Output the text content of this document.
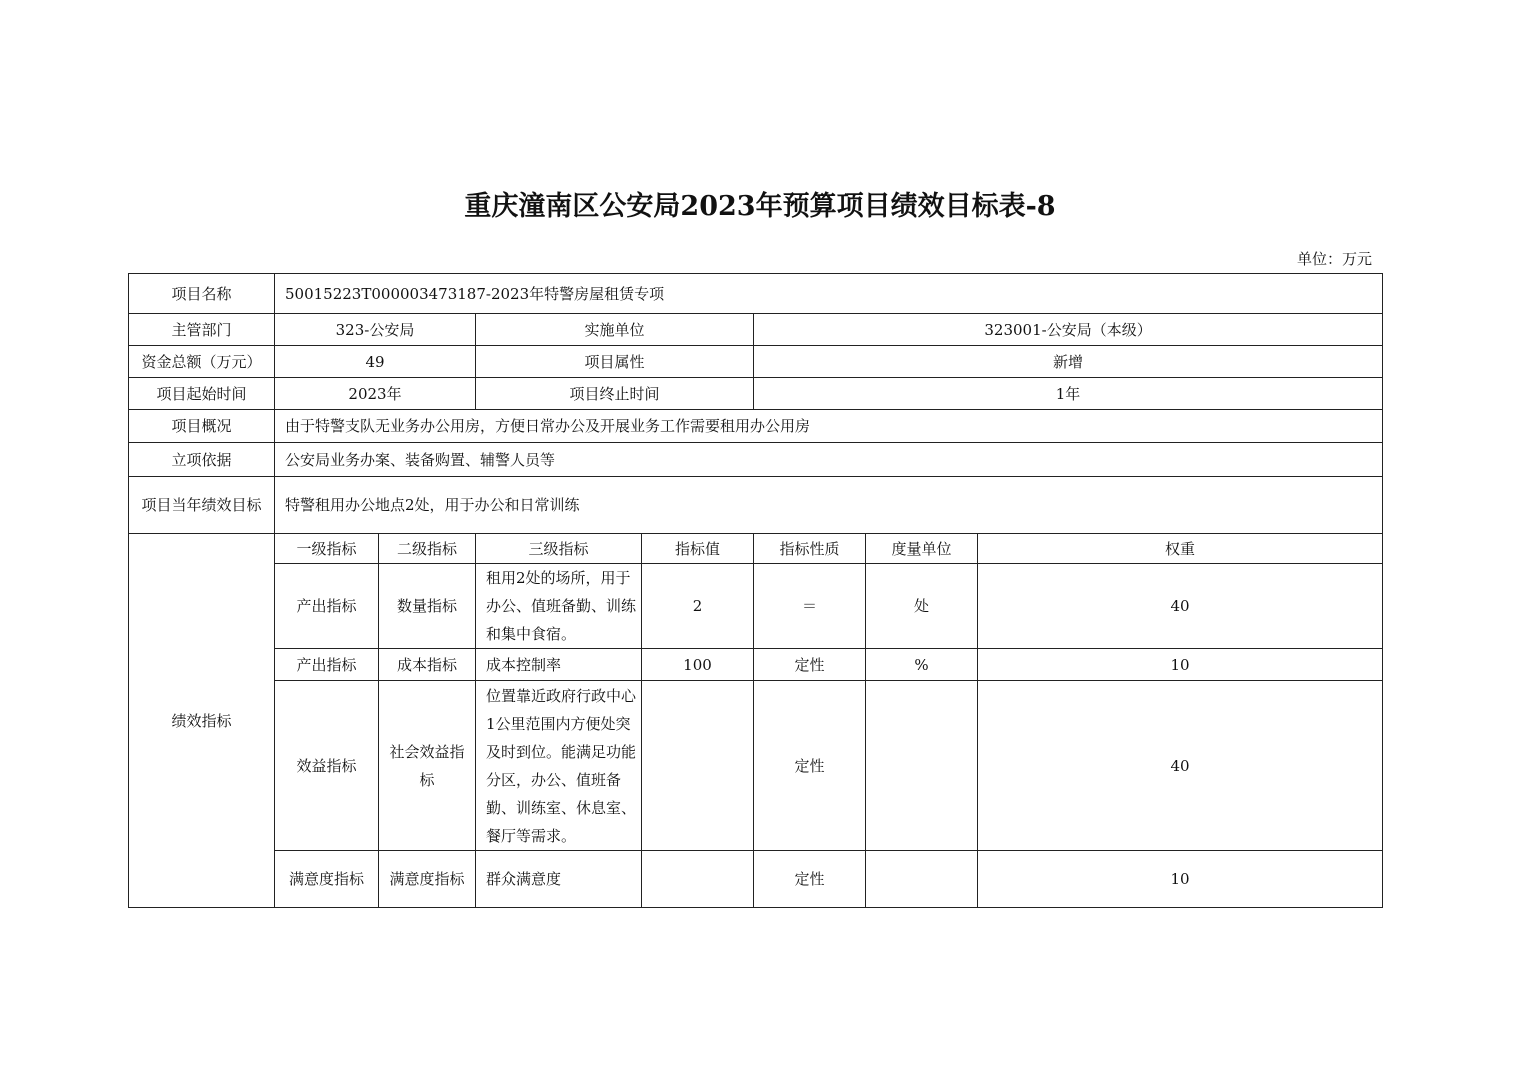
重庆潼南区公安局2023年预算项目绩效目标表-8
单位：万元
项目名称	50015223T000003473187-2023年特警房屋租赁专项						
主管部门	323-公安局		实施单位		323001-公安局（本级）		
资金总额（万元）	49		项目属性		新增		
项目起始时间	2023年		项目终止时间		1年		
项目概况	由于特警支队无业务办公用房，方便日常办公及开展业务工作需要租用办公用房						
立项依据	公安局业务办案、装备购置、辅警人员等						
项目当年绩效目标	特警租用办公地点2处，用于办公和日常训练						
绩效指标	一级指标	二级指标	三级指标	指标值	指标性质	度量单位	权重
	产出指标	数量指标	租用2处的场所，用于办公、值班备勤、训练和集中食宿。	2	＝	处	40
	产出指标	成本指标	成本控制率	100	定性	%	10
	效益指标	社会效益指标	位置靠近政府行政中心1公里范围内方便处突及时到位。能满足功能分区，办公、值班备勤、训练室、休息室、餐厅等需求。		定性		40
	满意度指标	满意度指标	群众满意度		定性		10
